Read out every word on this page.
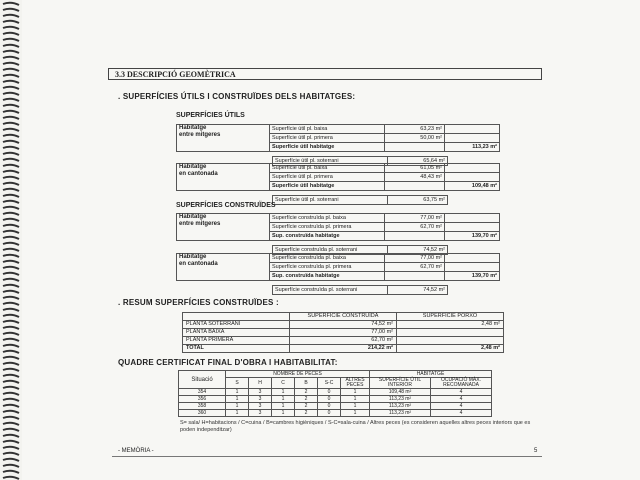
3.3 DESCRIPCIÓ GEOMÈTRICA
. SUPERFÍCIES ÚTILS I CONSTRUÏDES DELS HABITATGES:
SUPERFÍCIES ÚTILS
Habitatge
entre mitgeres	Superfície útil pl. baixa	63,23 m²	
	Superfície útil pl. primera	50,00 m²	
	Superfície útil habitatge		113,23 m²
Superfície útil pl. soterrani	65,64 m²	
Habitatge
en cantonada	Superfície útil pl. baixa	61,05 m²	
	Superfície útil pl. primera	48,43 m²	
	Superfície útil habitatge		109,48 m²
Superfície útil pl. soterrani	63,75 m²	
SUPERFÍCIES CONSTRUÏDES
Habitatge
entre mitgeres	Superfície construïda pl. baixa	77,00 m²	
	Superfície construïda pl. primera	62,70 m²	
	Sup. construïda habitatge		139,70 m²
Superfície construïda pl. soterrani	74,52 m²	
Habitatge
en cantonada	Superfície construïda pl. baixa	77,00 m²	
	Superfície construïda pl. primera	62,70 m²	
	Sup. construïda habitatge		139,70 m²
Superfície construïda pl. soterrani	74,52 m²	
. RESUM SUPERFÍCIES CONSTRUÏDES :
	SUPERFÍCIE CONSTRUÏDA	SUPERFÍCIE PORXO
PLANTA SOTERRANI	74,52 m²	2,48 m²
PLANTA BAIXA	77,00 m²	
PLANTA PRIMERA	62,70 m²	
TOTAL	214,22 m²	2,48 m²
QUADRE CERTIFICAT FINAL D'OBRA I HABITABILITAT:
Situació	NOMBRE DE PECES						HABITATGE	
	S	H	C	B	S-C	ALTRES PECES	SUPERFÍCIE ÚTIL INTERIOR	OCUPACIÓ MÀX. RECOMANADA
354	1	3	1	2	0	1	109,48 m²	4
356	1	3	1	2	0	1	113,23 m²	4
358	1	3	1	2	0	1	113,23 m²	4
360	1	3	1	2	0	1	113,23 m²	4
S= sala/ H=habitacions / C=cuina / B=cambres higièniques / S-C=sala-cuina / Altres peces (es consideren aquelles altres peces interiors que es poden independitzar)
- MEMÒRIA -	5
